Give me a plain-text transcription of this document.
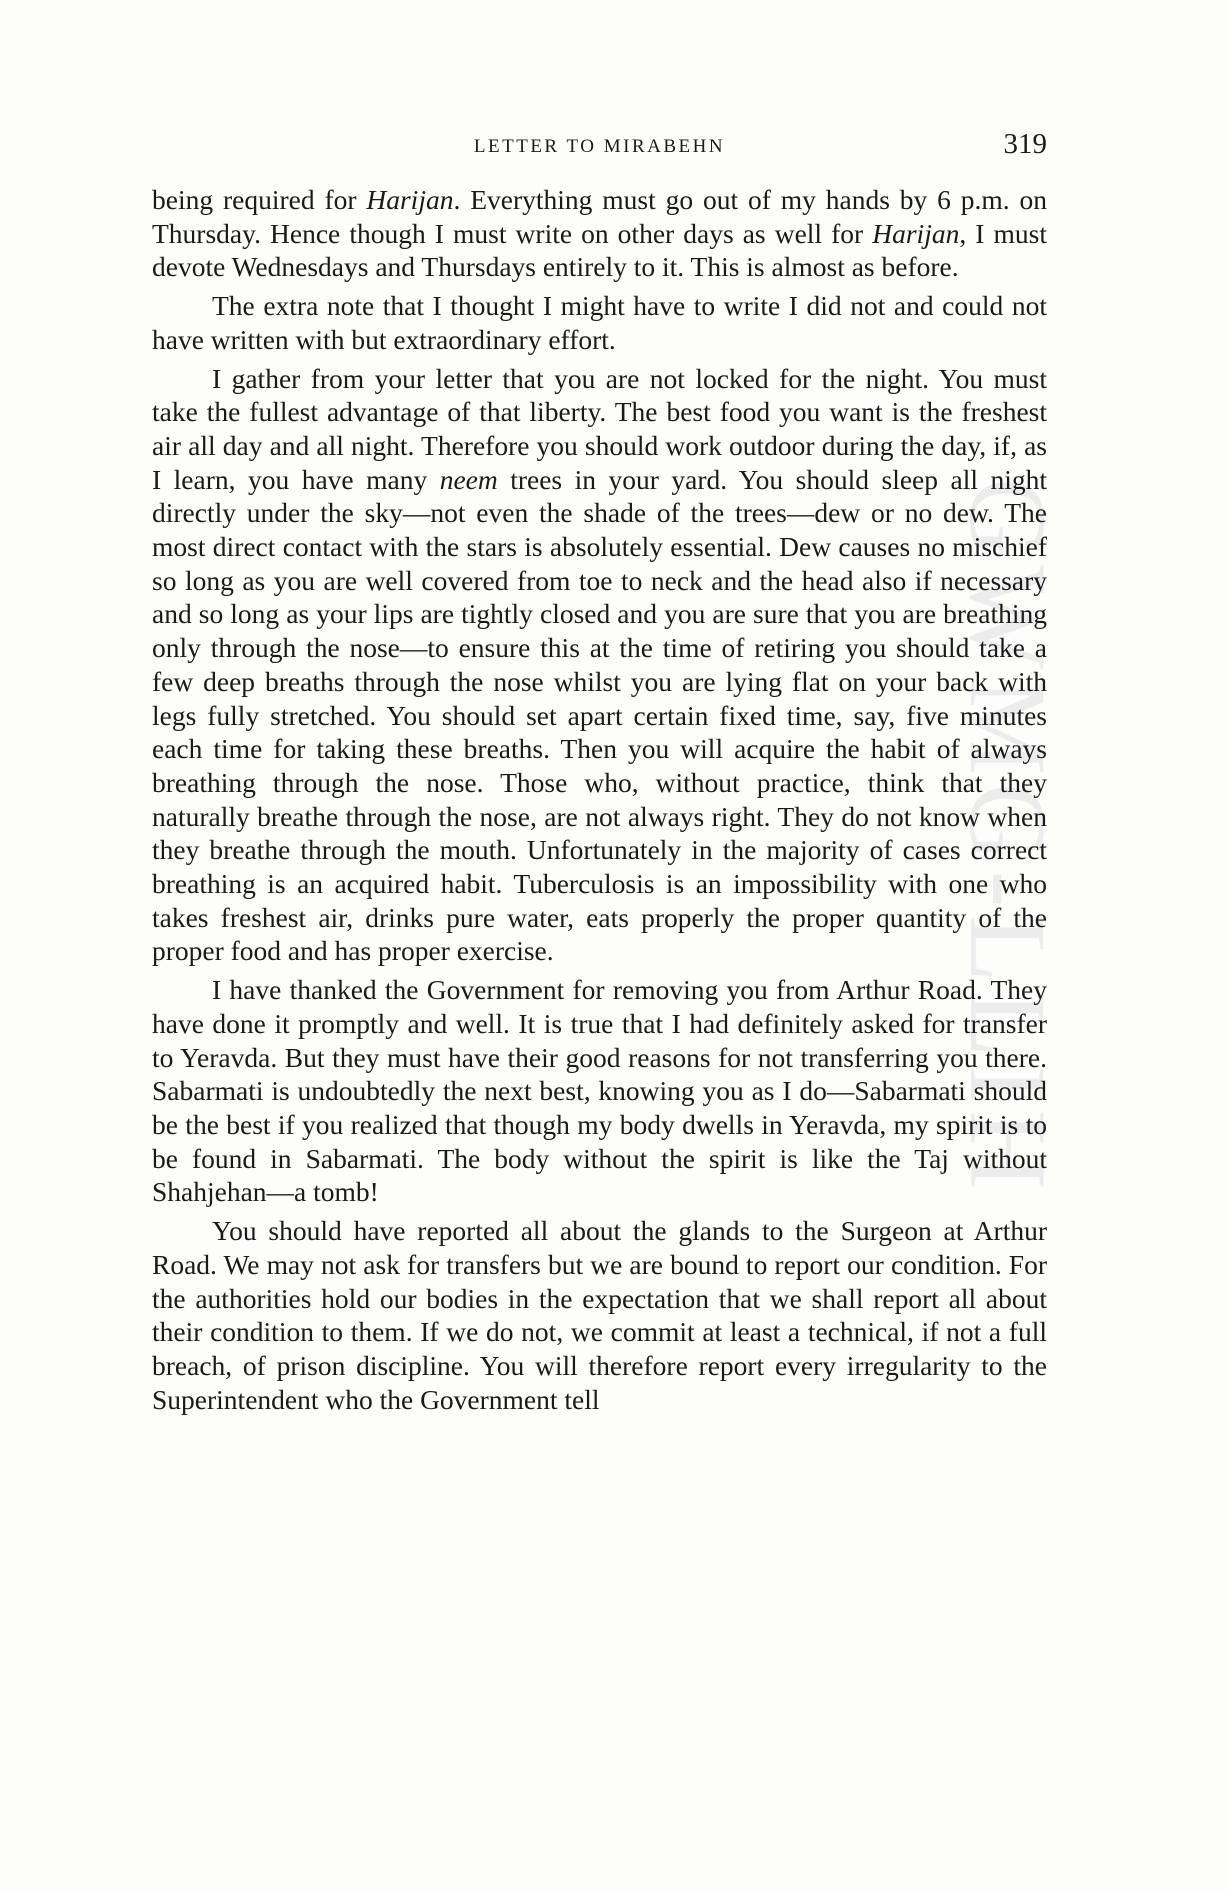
GWMG-LLIH
LETTER TO MIRABEHN	319

being required for Harijan. Everything must go out of my hands by 6 p.m. on Thursday. Hence though I must write on other days as well for Harijan, I must devote Wednesdays and Thursdays entirely to it. This is almost as before.

The extra note that I thought I might have to write I did not and could not have written with but extraordinary effort.

I gather from your letter that you are not locked for the night. You must take the fullest advantage of that liberty. The best food you want is the freshest air all day and all night. Therefore you should work outdoor during the day, if, as I learn, you have many neem trees in your yard. You should sleep all night directly under the sky—not even the shade of the trees—dew or no dew. The most direct contact with the stars is absolutely essential. Dew causes no mischief so long as you are well covered from toe to neck and the head also if necessary and so long as your lips are tightly closed and you are sure that you are breathing only through the nose—to ensure this at the time of retiring you should take a few deep breaths through the nose whilst you are lying flat on your back with legs fully stretched. You should set apart certain fixed time, say, five minutes each time for taking these breaths. Then you will acquire the habit of always breathing through the nose. Those who, without practice, think that they naturally breathe through the nose, are not always right. They do not know when they breathe through the mouth. Unfortunately in the majority of cases correct breathing is an acquired habit. Tuberculosis is an impossibility with one who takes freshest air, drinks pure water, eats properly the proper quantity of the proper food and has proper exercise.

I have thanked the Government for removing you from Arthur Road. They have done it promptly and well. It is true that I had definitely asked for transfer to Yeravda. But they must have their good reasons for not transferring you there. Sabarmati is undoubtedly the next best, knowing you as I do—Sabarmati should be the best if you realized that though my body dwells in Yeravda, my spirit is to be found in Sabarmati. The body without the spirit is like the Taj without Shahjehan—a tomb!

You should have reported all about the glands to the Surgeon at Arthur Road. We may not ask for transfers but we are bound to report our condition. For the authorities hold our bodies in the expectation that we shall report all about their condition to them. If we do not, we commit at least a technical, if not a full breach, of prison discipline. You will therefore report every irregularity to the Superintendent who the Government tell
